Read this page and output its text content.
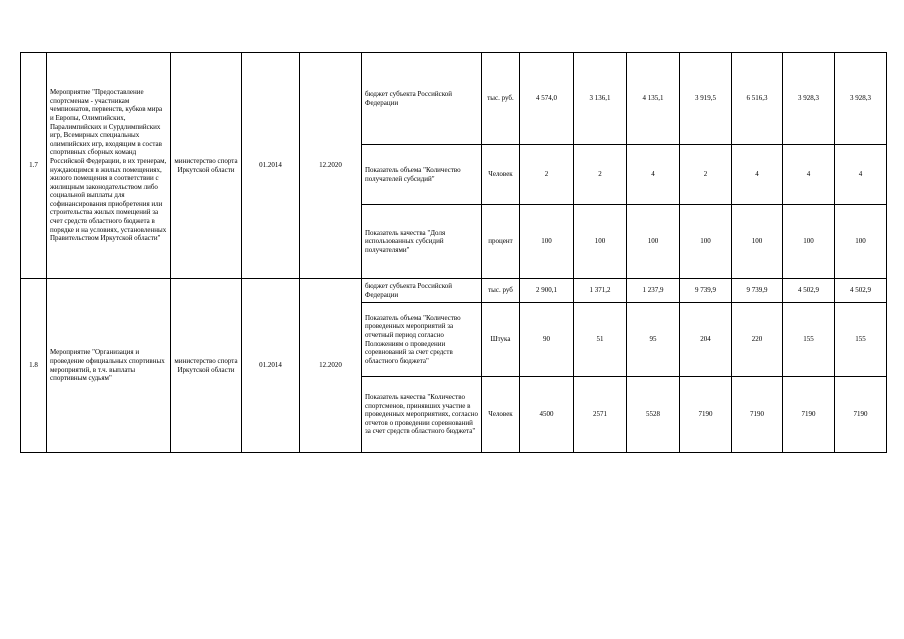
1.7	Мероприятие "Предоставление спортсменам - участникам чемпионатов, первенств, кубков мира и Европы, Олимпийских, Паралимпийских и Сурдлимпийских игр, Всемирных специальных олимпийских игр, входящим в состав спортивных сборных команд Российской Федерации, в их тренерам, нуждающимся в жилых помещениях, жилого помещения в соответствии с жилищным законодательством либо социальной выплаты для софинансирования приобретения или строительства жилых помещений за счет средств областного бюджета в порядке и на условиях, установленных Правительством Иркутской области"	министерство спорта Иркутской области	01.2014	12.2020	бюджет субъекта Российской Федерации	тыс. руб.	4 574,0	3 136,1	4 135,1	3 919,5	6 516,3	3 928,3	3 928,3
					Показатель объема "Количество получателей субсидий"	Человек	2	2	4	2	4	4	4
					Показатель качества "Доля использованных субсидий получателями"	процент	100	100	100	100	100	100	100
1.8	Мероприятие "Организация и проведение официальных спортивных мероприятий, в т.ч. выплаты спортивным судьям"	министерство спорта Иркутской области	01.2014	12.2020	бюджет субъекта Российской Федерации	тыс. руб	2 900,1	1 371,2	1 237,9	9 739,9	9 739,9	4 502,9	4 502,9
					Показатель объема "Количество проведенных мероприятий за отчетный период согласно Положениям о проведении соревнований за счет средств областного бюджета"	Штука	90	51	95	204	220	155	155
					Показатель качества "Количество спортсменов, принявших участие в проведенных мероприятиях, согласно отчетов о проведении соревнований за счет средств областного бюджета"	Человек	4500	2571	5528	7190	7190	7190	7190
